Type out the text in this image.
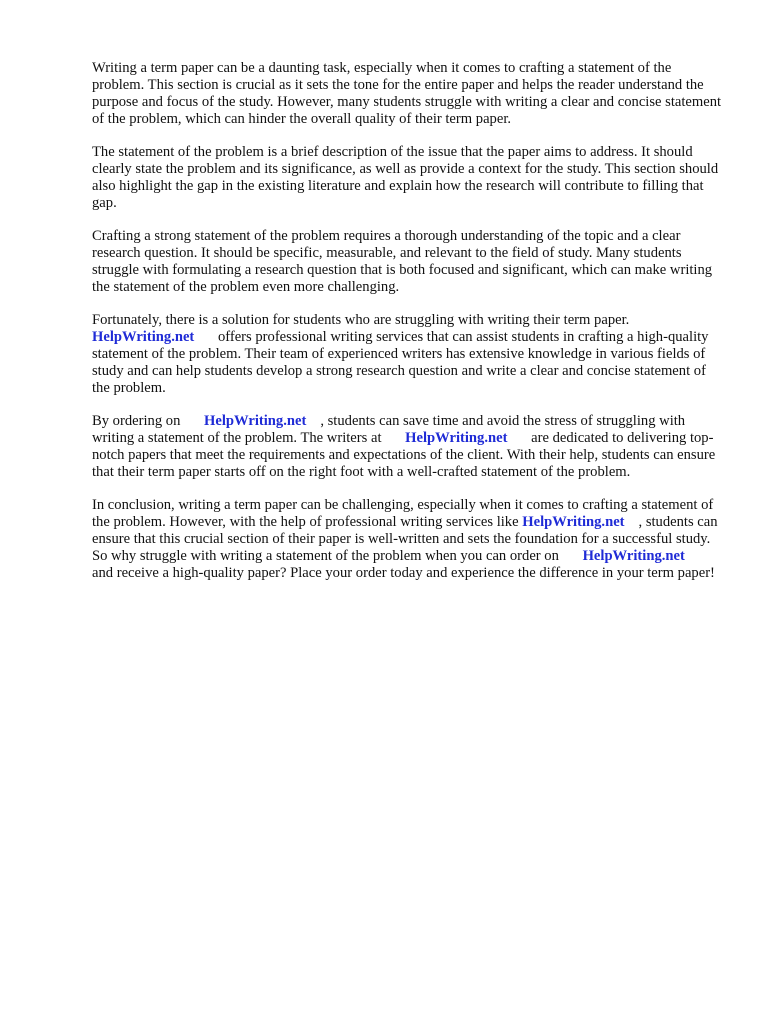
Writing a term paper can be a daunting task, especially when it comes to crafting a statement of the problem. This section is crucial as it sets the tone for the entire paper and helps the reader understand the purpose and focus of the study. However, many students struggle with writing a clear and concise statement of the problem, which can hinder the overall quality of their term paper.

The statement of the problem is a brief description of the issue that the paper aims to address. It should clearly state the problem and its significance, as well as provide a context for the study. This section should also highlight the gap in the existing literature and explain how the research will contribute to filling that gap.

Crafting a strong statement of the problem requires a thorough understanding of the topic and a clear research question. It should be specific, measurable, and relevant to the field of study. Many students struggle with formulating a research question that is both focused and significant, which can make writing the statement of the problem even more challenging.

Fortunately, there is a solution for students who are struggling with writing their term paper.
HelpWriting.net offers professional writing services that can assist students in crafting a high-quality statement of the problem. Their team of experienced writers has extensive knowledge in various fields of study and can help students develop a strong research question and write a clear and concise statement of the problem.

By ordering on HelpWriting.net , students can save time and avoid the stress of struggling with writing a statement of the problem. The writers at HelpWriting.net are dedicated to delivering top-notch papers that meet the requirements and expectations of the client. With their help, students can ensure that their term paper starts off on the right foot with a well-crafted statement of the problem.

In conclusion, writing a term paper can be challenging, especially when it comes to crafting a statement of the problem. However, with the help of professional writing services like HelpWriting.net , students can ensure that this crucial section of their paper is well-written and sets the foundation for a successful study. So why struggle with writing a statement of the problem when you can order on HelpWriting.net and receive a high-quality paper? Place your order today and experience the difference in your term paper!
